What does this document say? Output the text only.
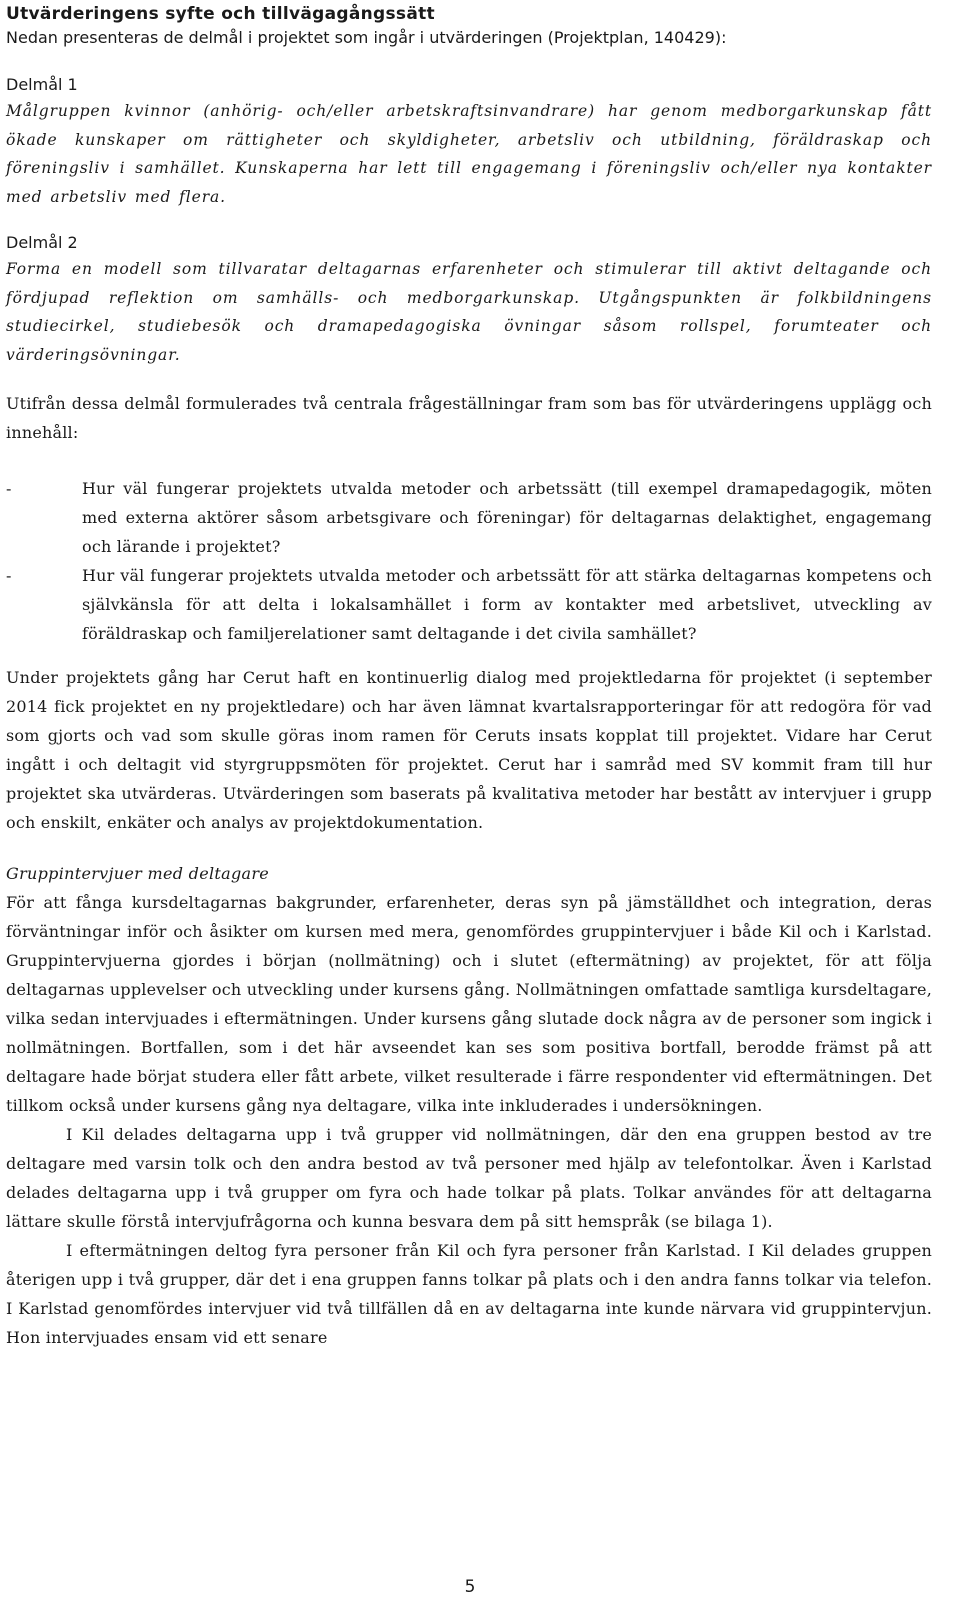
Utvärderingens syfte och tillvägagångssätt

Nedan presenteras de delmål i projektet som ingår i utvärderingen (Projektplan, 140429):

Delmål 1

Målgruppen kvinnor (anhörig- och/eller arbetskraftsinvandrare) har genom medborgarkunskap fått ökade kunskaper om rättigheter och skyldigheter, arbetsliv och utbildning, föräldraskap och föreningsliv i samhället. Kunskaperna har lett till engagemang i föreningsliv och/eller nya kontakter med arbetsliv med flera.

Delmål 2

Forma en modell som tillvaratar deltagarnas erfarenheter och stimulerar till aktivt deltagande och fördjupad reflektion om samhälls- och medborgarkunskap. Utgångspunkten är folkbildningens studiecirkel, studiebesök och dramapedagogiska övningar såsom rollspel, forumteater och värderingsövningar.

Utifrån dessa delmål formulerades två centrala frågeställningar fram som bas för utvärderingens upplägg och innehåll:

-	Hur väl fungerar projektets utvalda metoder och arbetssätt (till exempel dramapedagogik, möten med externa aktörer såsom arbetsgivare och föreningar) för deltagarnas delaktighet, engagemang och lärande i projektet?
-	Hur väl fungerar projektets utvalda metoder och arbetssätt för att stärka deltagarnas kompetens och självkänsla för att delta i lokalsamhället i form av kontakter med arbetslivet, utveckling av föräldraskap och familjerelationer samt deltagande i det civila samhället?

Under projektets gång har Cerut haft en kontinuerlig dialog med projektledarna för projektet (i september 2014 fick projektet en ny projektledare) och har även lämnat kvartalsrapporteringar för att redogöra för vad som gjorts och vad som skulle göras inom ramen för Ceruts insats kopplat till projektet. Vidare har Cerut ingått i och deltagit vid styrgruppsmöten för projektet. Cerut har i samråd med SV kommit fram till hur projektet ska utvärderas. Utvärderingen som baserats på kvalitativa metoder har bestått av intervjuer i grupp och enskilt, enkäter och analys av projektdokumentation.

Gruppintervjuer med deltagare

För att fånga kursdeltagarnas bakgrunder, erfarenheter, deras syn på jämställdhet och integration, deras förväntningar inför och åsikter om kursen med mera, genomfördes gruppintervjuer i både Kil och i Karlstad. Gruppintervjuerna gjordes i början (nollmätning) och i slutet (eftermätning) av projektet, för att följa deltagarnas upplevelser och utveckling under kursens gång. Nollmätningen omfattade samtliga kursdeltagare, vilka sedan intervjuades i eftermätningen. Under kursens gång slutade dock några av de personer som ingick i nollmätningen. Bortfallen, som i det här avseendet kan ses som positiva bortfall, berodde främst på att deltagare hade börjat studera eller fått arbete, vilket resulterade i färre respondenter vid eftermätningen. Det tillkom också under kursens gång nya deltagare, vilka inte inkluderades i undersökningen.

I Kil delades deltagarna upp i två grupper vid nollmätningen, där den ena gruppen bestod av tre deltagare med varsin tolk och den andra bestod av två personer med hjälp av telefontolkar. Även i Karlstad delades deltagarna upp i två grupper om fyra och hade tolkar på plats. Tolkar användes för att deltagarna lättare skulle förstå intervjufrågorna och kunna besvara dem på sitt hemspråk (se bilaga 1).

I eftermätningen deltog fyra personer från Kil och fyra personer från Karlstad. I Kil delades gruppen återigen upp i två grupper, där det i ena gruppen fanns tolkar på plats och i den andra fanns tolkar via telefon. I Karlstad genomfördes intervjuer vid två tillfällen då en av deltagarna inte kunde närvara vid gruppintervjun. Hon intervjuades ensam vid ett senare

5
